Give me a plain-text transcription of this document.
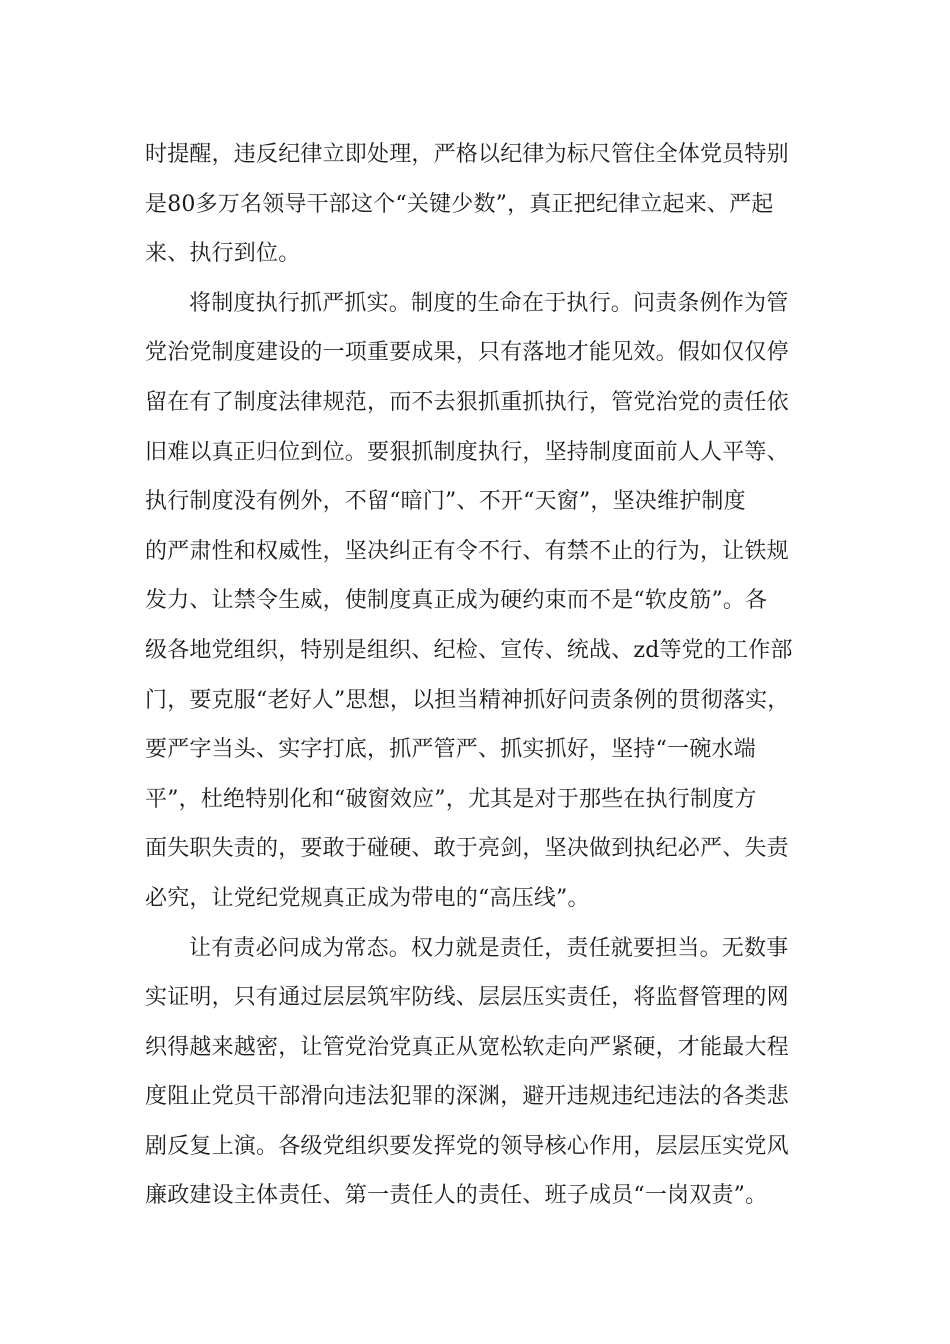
时提醒，违反纪律立即处理，严格以纪律为标尺管住全体党员特别
是80多万名领导干部这个“关键少数”，真正把纪律立起来、严起
来、执行到位。
将制度执行抓严抓实。制度的生命在于执行。问责条例作为管
党治党制度建设的一项重要成果，只有落地才能见效。假如仅仅停
留在有了制度法律规范，而不去狠抓重抓执行，管党治党的责任依
旧难以真正归位到位。要狠抓制度执行，坚持制度面前人人平等、
执行制度没有例外，不留“暗门”、不开“天窗”，坚决维护制度
的严肃性和权威性，坚决纠正有令不行、有禁不止的行为，让铁规
发力、让禁令生威，使制度真正成为硬约束而不是“软皮筋”。各
级各地党组织，特别是组织、纪检、宣传、统战、zd等党的工作部
门，要克服“老好人”思想，以担当精神抓好问责条例的贯彻落实，
要严字当头、实字打底，抓严管严、抓实抓好，坚持“一碗水端
平”，杜绝特别化和“破窗效应”，尤其是对于那些在执行制度方
面失职失责的，要敢于碰硬、敢于亮剑，坚决做到执纪必严、失责
必究，让党纪党规真正成为带电的“高压线”。
让有责必问成为常态。权力就是责任，责任就要担当。无数事
实证明，只有通过层层筑牢防线、层层压实责任，将监督管理的网
织得越来越密，让管党治党真正从宽松软走向严紧硬，才能最大程
度阻止党员干部滑向违法犯罪的深渊，避开违规违纪违法的各类悲
剧反复上演。各级党组织要发挥党的领导核心作用，层层压实党风
廉政建设主体责任、第一责任人的责任、班子成员“一岗双责”。
